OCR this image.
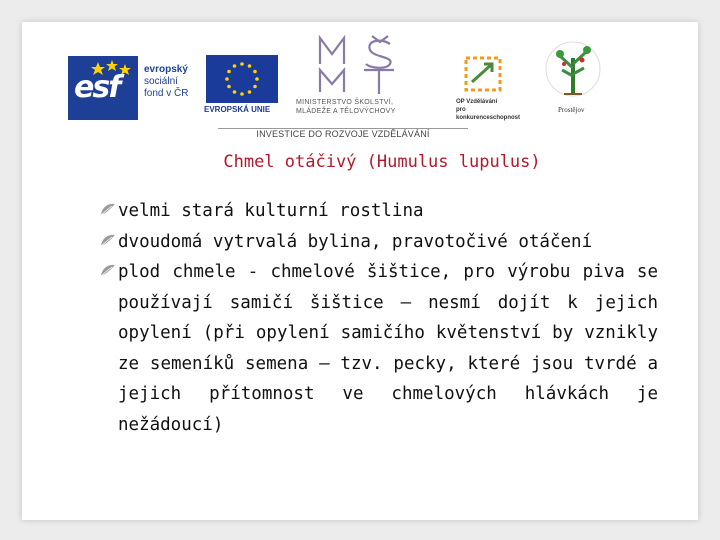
esf
evropský
sociální
fond v ČR
EVROPSKÁ UNIE
MINISTERSTVO ŠKOLSTVÍ,
MLÁDEŽE A TĚLOVÝCHOVY
OP Vzdělávání
pro konkurenceschopnost
Prostějov
INVESTICE DO ROZVOJE VZDĚLÁVÁNÍ
Chmel otáčivý (Humulus lupulus)
velmi stará kulturní rostlina
dvoudomá vytrvalá bylina, pravotočivé otáčení
plod chmele - chmelové šištice, pro výrobu piva se používají samičí šištice – nesmí dojít k jejich opylení (při opylení samičího květenství by vznikly ze semeníků semena – tzv. pecky, které jsou tvrdé a jejich přítomnost ve chmelových hlávkách je nežádoucí)
